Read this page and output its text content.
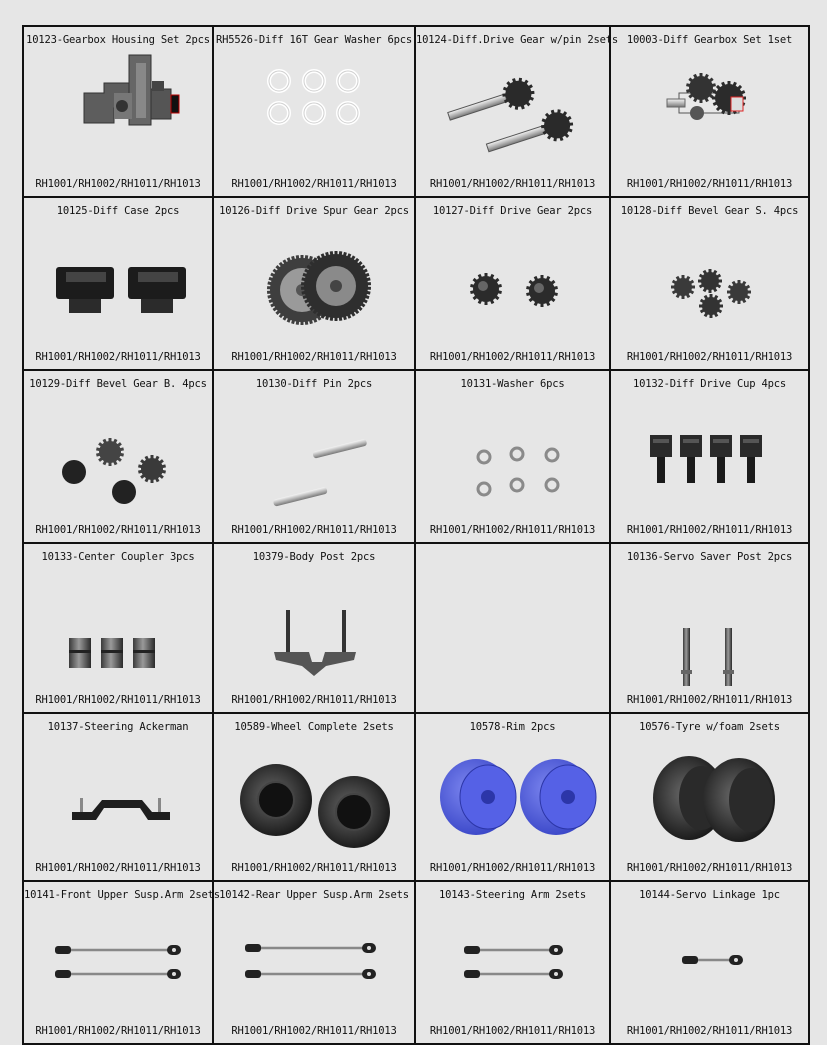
10123-Gearbox Housing Set 2pcs
RH1001/RH1002/RH1011/RH1013
RH5526-Diff 16T Gear Washer 6pcs
RH1001/RH1002/RH1011/RH1013
10124-Diff.Drive Gear w/pin 2sets
RH1001/RH1002/RH1011/RH1013
10003-Diff Gearbox Set 1set
RH1001/RH1002/RH1011/RH1013
10125-Diff Case 2pcs
RH1001/RH1002/RH1011/RH1013
10126-Diff Drive Spur Gear 2pcs
RH1001/RH1002/RH1011/RH1013
10127-Diff Drive Gear 2pcs
RH1001/RH1002/RH1011/RH1013
10128-Diff Bevel Gear S. 4pcs
RH1001/RH1002/RH1011/RH1013
10129-Diff Bevel Gear B. 4pcs
RH1001/RH1002/RH1011/RH1013
10130-Diff Pin 2pcs
RH1001/RH1002/RH1011/RH1013
10131-Washer 6pcs
RH1001/RH1002/RH1011/RH1013
10132-Diff Drive Cup 4pcs
RH1001/RH1002/RH1011/RH1013
10133-Center Coupler 3pcs
RH1001/RH1002/RH1011/RH1013
10379-Body Post 2pcs
RH1001/RH1002/RH1011/RH1013
10136-Servo Saver Post 2pcs
RH1001/RH1002/RH1011/RH1013
10137-Steering Ackerman
RH1001/RH1002/RH1011/RH1013
10589-Wheel Complete 2sets
RH1001/RH1002/RH1011/RH1013
10578-Rim 2pcs
RH1001/RH1002/RH1011/RH1013
10576-Tyre w/foam 2sets
RH1001/RH1002/RH1011/RH1013
10141-Front Upper Susp.Arm 2sets
RH1001/RH1002/RH1011/RH1013
10142-Rear Upper Susp.Arm 2sets
RH1001/RH1002/RH1011/RH1013
10143-Steering Arm 2sets
RH1001/RH1002/RH1011/RH1013
10144-Servo Linkage 1pc
RH1001/RH1002/RH1011/RH1013
